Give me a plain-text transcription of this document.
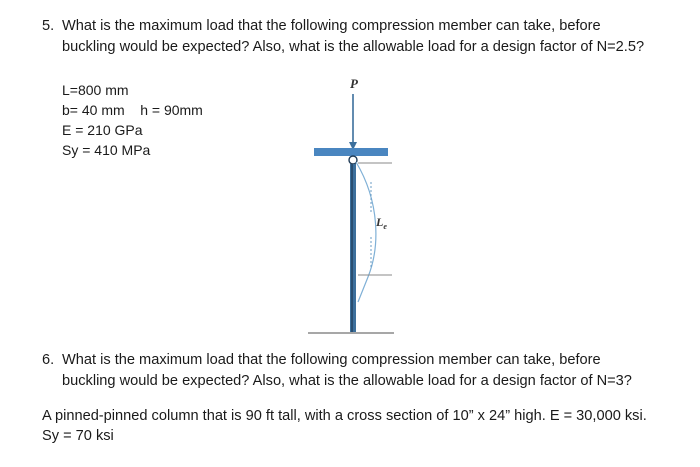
5. What is the maximum load that the following compression member can take, before
buckling would be expected? Also, what is the allowable load for a design factor of N=2.5?
L=800 mm
b= 40 mm    h = 90mm
E = 210 GPa
Sy = 410 MPa
P
$L_e$
6. What is the maximum load that the following compression member can take, before
buckling would be expected? Also, what is the allowable load for a design factor of N=3?
A pinned-pinned column that is 90 ft tall, with a cross section of 10” x 24” high. E = 30,000 ksi.
Sy = 70 ksi
